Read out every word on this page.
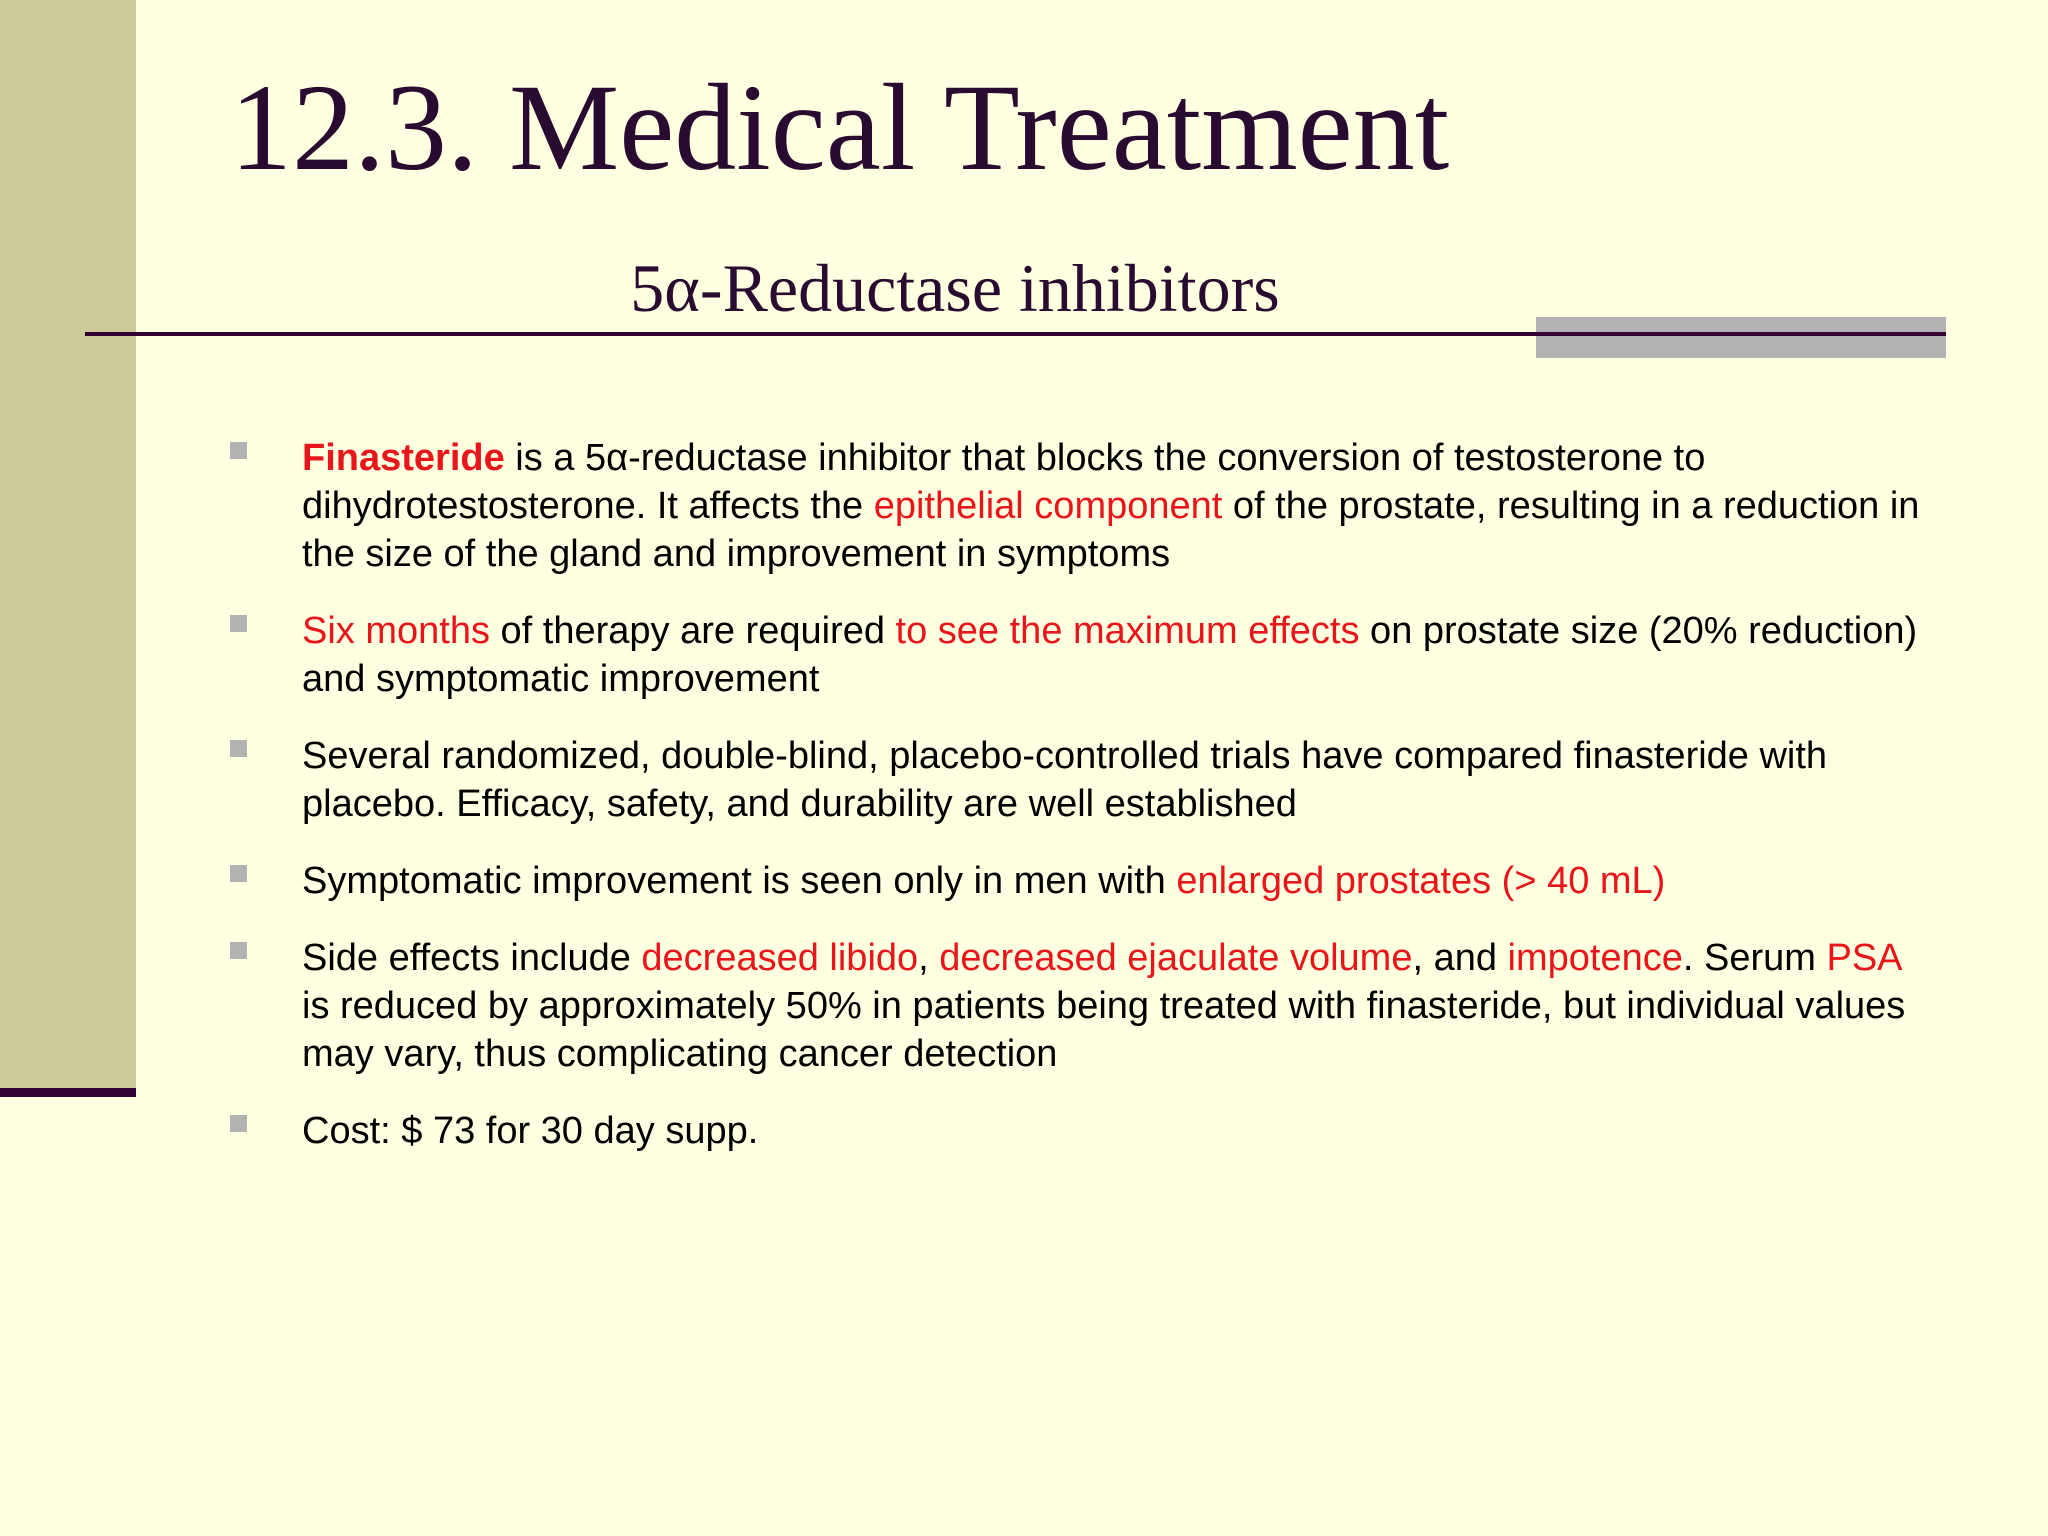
12.3. Medical Treatment
5α-Reductase inhibitors
Finasteride is a 5α-reductase inhibitor that blocks the conversion of testosterone to dihydrotestosterone. It affects the epithelial component of the prostate, resulting in a reduction in the size of the gland and improvement in symptoms
Six months of therapy are required to see the maximum effects on prostate size (20% reduction) and symptomatic improvement
Several randomized, double-blind, placebo-controlled trials have compared finasteride with placebo. Efficacy, safety, and durability are well established
Symptomatic improvement is seen only in men with enlarged prostates (> 40 mL)
Side effects include decreased libido, decreased ejaculate volume, and impotence. Serum PSA is reduced by approximately 50% in patients being treated with finasteride, but individual values may vary, thus complicating cancer detection
Cost: $ 73 for 30 day supp.
